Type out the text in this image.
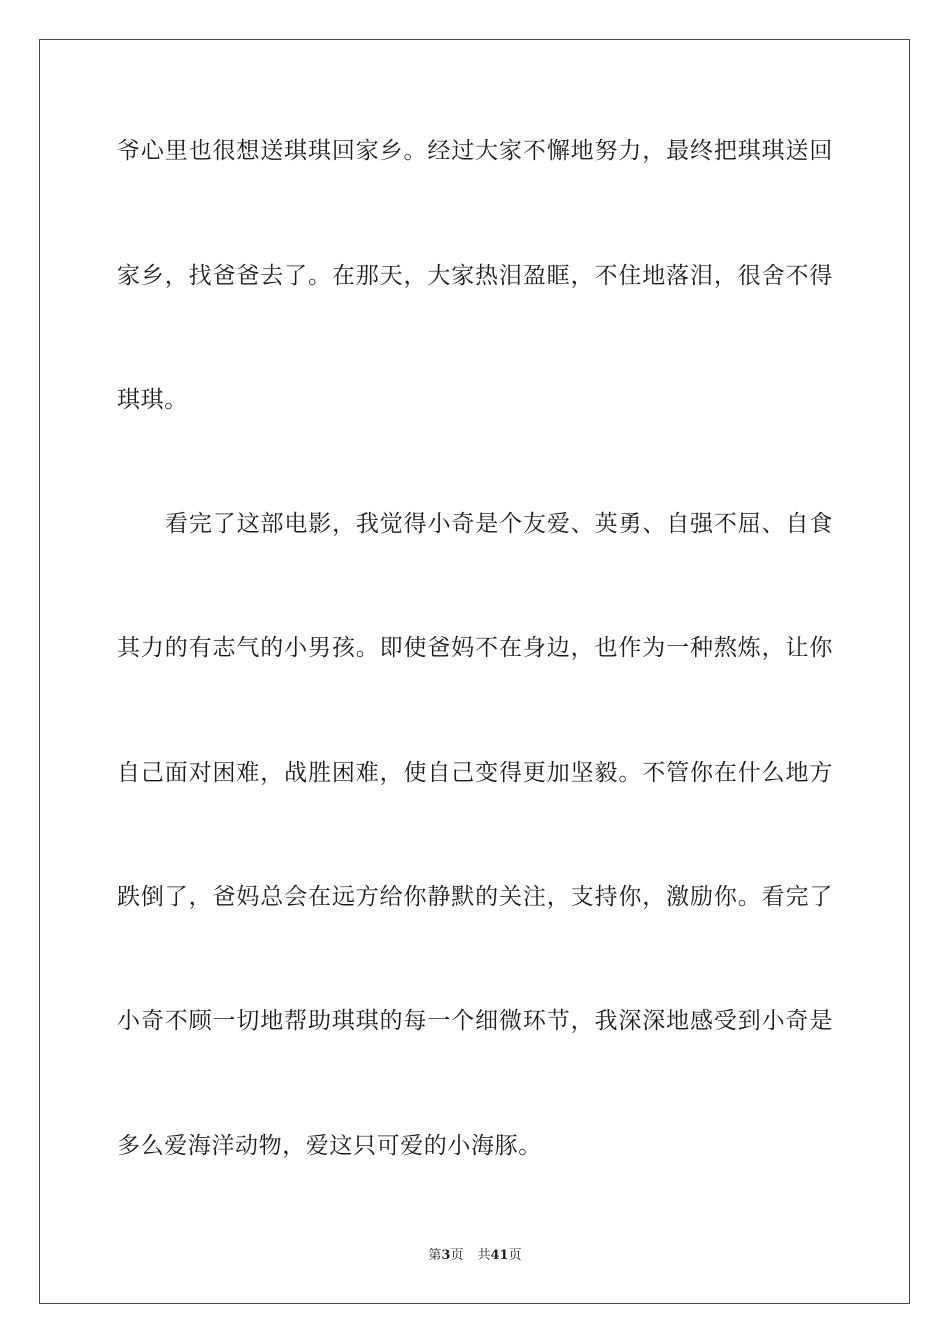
爷心里也很想送琪琪回家乡。经过大家不懈地努力，最终把琪琪送回
家乡，找爸爸去了。在那天，大家热泪盈眶，不住地落泪，很舍不得
琪琪。
看完了这部电影，我觉得小奇是个友爱、英勇、自强不屈、自食
其力的有志气的小男孩。即使爸妈不在身边，也作为一种熬炼，让你
自己面对困难，战胜困难，使自己变得更加坚毅。不管你在什么地方
跌倒了，爸妈总会在远方给你静默的关注，支持你，激励你。看完了
小奇不顾一切地帮助琪琪的每一个细微环节，我深深地感受到小奇是
多么爱海洋动物，爱这只可爱的小海豚。
第3页 共41页
